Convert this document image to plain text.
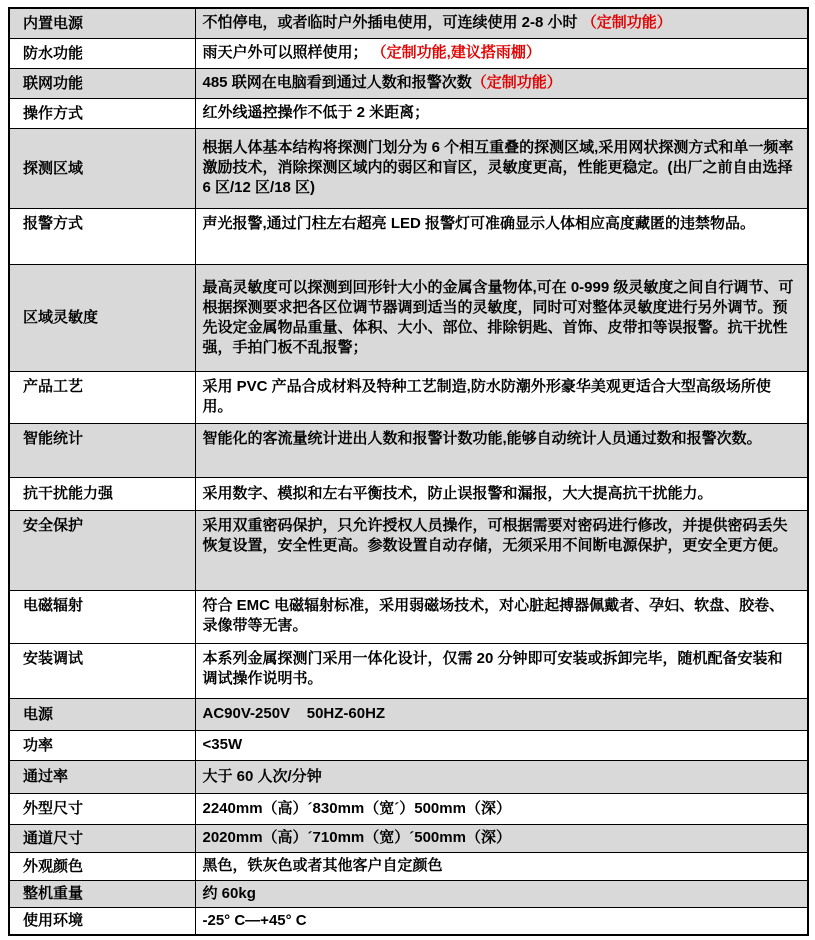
内置电源	不怕停电，或者临时户外插电使用，可连续使用 2-8 小时 （定制功能）
防水功能	雨天户外可以照样使用； （定制功能,建议搭雨棚）
联网功能	485 联网在电脑看到通过人数和报警次数（定制功能）
操作方式	红外线遥控操作不低于 2 米距离；
探测区域	根据人体基本结构将探测门划分为 6 个相互重叠的探测区域,采用网状探测方式和单一频率激励技术，消除探测区域内的弱区和盲区，灵敏度更高，性能更稳定。(出厂之前自由选择 6 区/12 区/18 区)
报警方式	声光报警,通过门柱左右超亮 LED 报警灯可准确显示人体相应高度藏匿的违禁物品。
区域灵敏度	最高灵敏度可以探测到回形针大小的金属含量物体,可在 0-999 级灵敏度之间自行调节、可根据探测要求把各区位调节器调到适当的灵敏度，同时可对整体灵敏度进行另外调节。预先设定金属物品重量、体积、大小、部位、排除钥匙、首饰、皮带扣等误报警。抗干扰性强，手拍门板不乱报警；
产品工艺	采用 PVC 产品合成材料及特种工艺制造,防水防潮外形豪华美观更适合大型高级场所使用。
智能统计	智能化的客流量统计进出人数和报警计数功能,能够自动统计人员通过数和报警次数。
抗干扰能力强	采用数字、模拟和左右平衡技术，防止误报警和漏报，大大提高抗干扰能力。
安全保护	采用双重密码保护，只允许授权人员操作，可根据需要对密码进行修改，并提供密码丢失恢复设置，安全性更高。参数设置自动存储，无须采用不间断电源保护，更安全更方便。
电磁辐射	符合 EMC 电磁辐射标准，采用弱磁场技术，对心脏起搏器佩戴者、孕妇、软盘、胶卷、录像带等无害。
安装调试	本系列金属探测门采用一体化设计，仅需 20 分钟即可安装或拆卸完毕，随机配备安装和调试操作说明书。
电源	AC90V-250V    50HZ-60HZ
功率	<35W
通过率	大于 60 人次/分钟
外型尺寸	2240mm（高）´830mm（宽´）500mm（深）
通道尺寸	2020mm（高）´710mm（宽）´500mm（深）
外观颜色	黑色，铁灰色或者其他客户自定颜色
整机重量	约 60kg
使用环境	-25° C—+45° C
